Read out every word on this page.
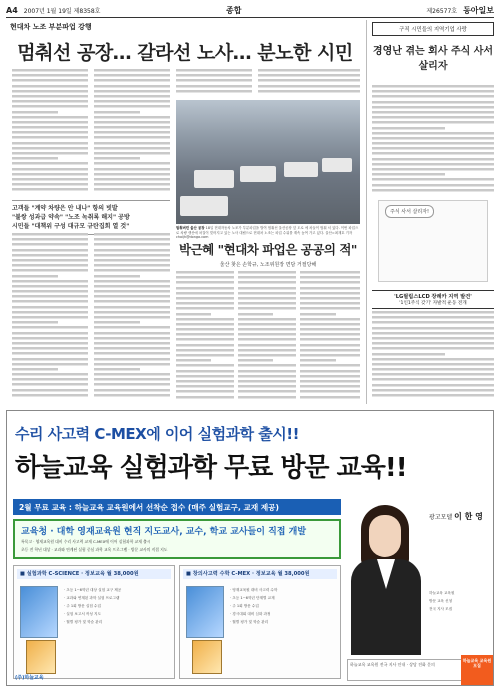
A4 2007년 1월 19일 제8358호	종합	제26577호 동아일보
현대차 노조 부분파업 강행
멈춰선 공장… 갈라선 노사… 분노한 시민
멈춰버린 울산 공장 18일 현대자동차 노조가 부분파업을 벌여 멈춰선 울산공장 앞 도로 에 차들이 멈춰 서 있다. 이번 파업으로 차량 생산에 차질이 빚어지고 있는 노사 대립으로 현대차 노조는 파업 수위를 계속 높여 가고 있다. 울산=최재호 기자 choijh@donga.com
고객들 "계약 차량은 안 내나" 항의 빗발
"불쌍 성과급 약속" "노조 녹취록 해지" 공방
시민들 "대책위 구성 대규모 규탄집회 열 것"
박근혜 "현대차 파업은 공공의 적"
울산 찾은 손학규, 노조위원장 면담 거절당해
구직 시민들의 지역기업 사랑
경영난 겪는 회사 주식 사서 살리자
주식 사서 살리자!
'LG필립스LCD 장례카 지역 발견'
'1인1주식 갖기' 자발적 운동 전개
수리 사고력 C-MEX에 이어 실험과학 출시!!
하늘교육 실험과학 무료 방문 교육!!
2월 무료 교육 : 하늘교육 교육원에서 선착순 접수 (매주 실험교구, 교재 제공)
교육청 · 대학 영재교육원 현직 지도교사, 교수, 학교 교사들이 직접 개발
특목고 · 영재교육원 대비 수리 사고력 교재 C-MEX에 이어 실험과학 교재 출시
초등 전 학년 대상 · 교과와 연계된 실험 중심 과학 교육 프로그램 · 방문 교사의 직접 지도
■ 실험과학 C-SCIENCE · 정보교육 월 38,000원
· 초등 1~6학년 대상 실험 교구 제공
· 교과와 연계된 과학 실험 프로그램
· 주 1회 방문 실험 수업
· 실험 보고서 작성 지도
· 월별 평가 및 학습 관리
■ 창의사고력 수학 C-MEX · 정보교육 월 38,000원
· 영재교육원 대비 사고력 수학
· 초등 1~6학년 단계별 교재
· 주 1회 방문 수업
· 경시대회 대비 심화 과정
· 월별 평가 및 학습 관리
광고모델 이 한 영
하늘교육 교육원
방문 교육 신청
전국 지사 모집
하늘교육 교육원 전국 지사 안내 · 상담 전화 문의
(주)하늘교육
하늘교육 교육원 모집
